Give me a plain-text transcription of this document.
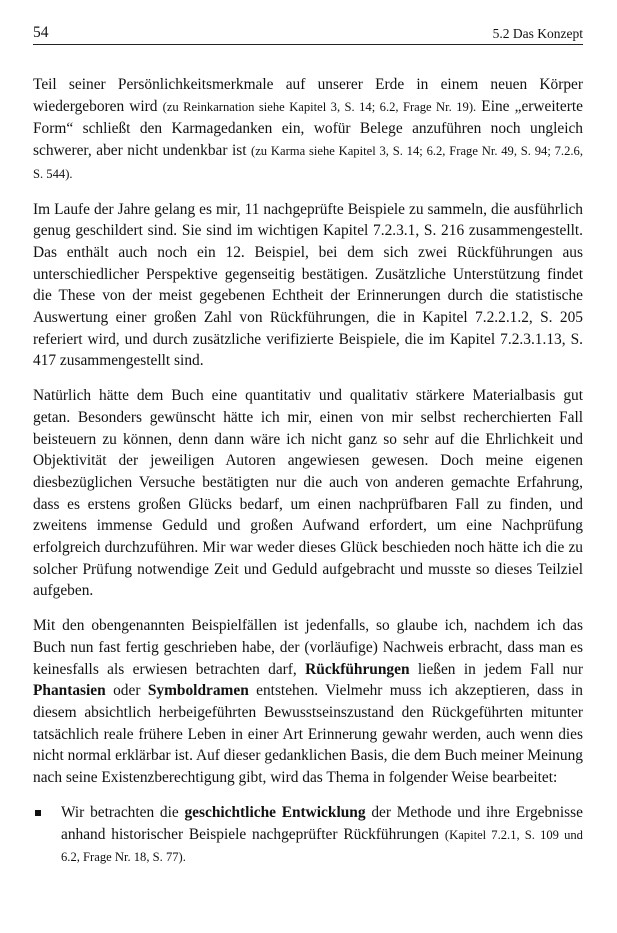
54	5.2 Das Konzept

Teil seiner Persönlichkeitsmerkmale auf unserer Erde in einem neuen Körper wiedergeboren wird (zu Reinkarnation siehe Kapitel 3, S. 14; 6.2, Frage Nr. 19). Eine „erweiterte Form“ schließt den Karmagedanken ein, wofür Belege anzuführen noch ungleich schwerer, aber nicht undenkbar ist (zu Karma siehe Kapitel 3, S. 14; 6.2, Frage Nr. 49, S. 94; 7.2.6, S. 544).

Im Laufe der Jahre gelang es mir, 11 nachgeprüfte Beispiele zu sammeln, die ausführlich genug geschildert sind. Sie sind im wichtigen Kapitel 7.2.3.1, S. 216 zusammengestellt. Das enthält auch noch ein 12. Beispiel, bei dem sich zwei Rückführungen aus unterschiedlicher Perspektive gegenseitig bestätigen. Zusätzliche Unterstützung findet die These von der meist gegebenen Echtheit der Erinnerungen durch die statistische Auswertung einer großen Zahl von Rückführungen, die in Kapitel 7.2.2.1.2, S. 205 referiert wird, und durch zusätzliche verifizierte Beispiele, die im Kapitel 7.2.3.1.13, S. 417 zusammengestellt sind.

Natürlich hätte dem Buch eine quantitativ und qualitativ stärkere Materialbasis gut getan. Besonders gewünscht hätte ich mir, einen von mir selbst recherchierten Fall beisteuern zu können, denn dann wäre ich nicht ganz so sehr auf die Ehrlichkeit und Objektivität der jeweiligen Autoren angewiesen gewesen. Doch meine eigenen diesbezüglichen Versuche bestätigten nur die auch von anderen gemachte Erfahrung, dass es erstens großen Glücks bedarf, um einen nachprüfbaren Fall zu finden, und zweitens immense Geduld und großen Aufwand erfordert, um eine Nachprüfung erfolgreich durchzuführen. Mir war weder dieses Glück beschieden noch hätte ich die zu solcher Prüfung notwendige Zeit und Geduld aufgebracht und musste so dieses Teilziel aufgeben.

Mit den obengenannten Beispielfällen ist jedenfalls, so glaube ich, nachdem ich das Buch nun fast fertig geschrieben habe, der (vorläufige) Nachweis erbracht, dass man es keinesfalls als erwiesen betrachten darf, Rückführungen ließen in jedem Fall nur Phantasien oder Symboldramen entstehen. Vielmehr muss ich akzeptieren, dass in diesem absichtlich herbeigeführten Bewusstseinszustand den Rückgeführten mitunter tatsächlich reale frühere Leben in einer Art Erinnerung gewahr werden, auch wenn dies nicht normal erklärbar ist. Auf dieser gedanklichen Basis, die dem Buch meiner Meinung nach seine Existenzberechtigung gibt, wird das Thema in folgender Weise bearbeitet:

Wir betrachten die geschichtliche Entwicklung der Methode und ihre Ergebnisse anhand historischer Beispiele nachgeprüfter Rückführungen (Kapitel 7.2.1, S. 109 und 6.2, Frage Nr. 18, S. 77).
